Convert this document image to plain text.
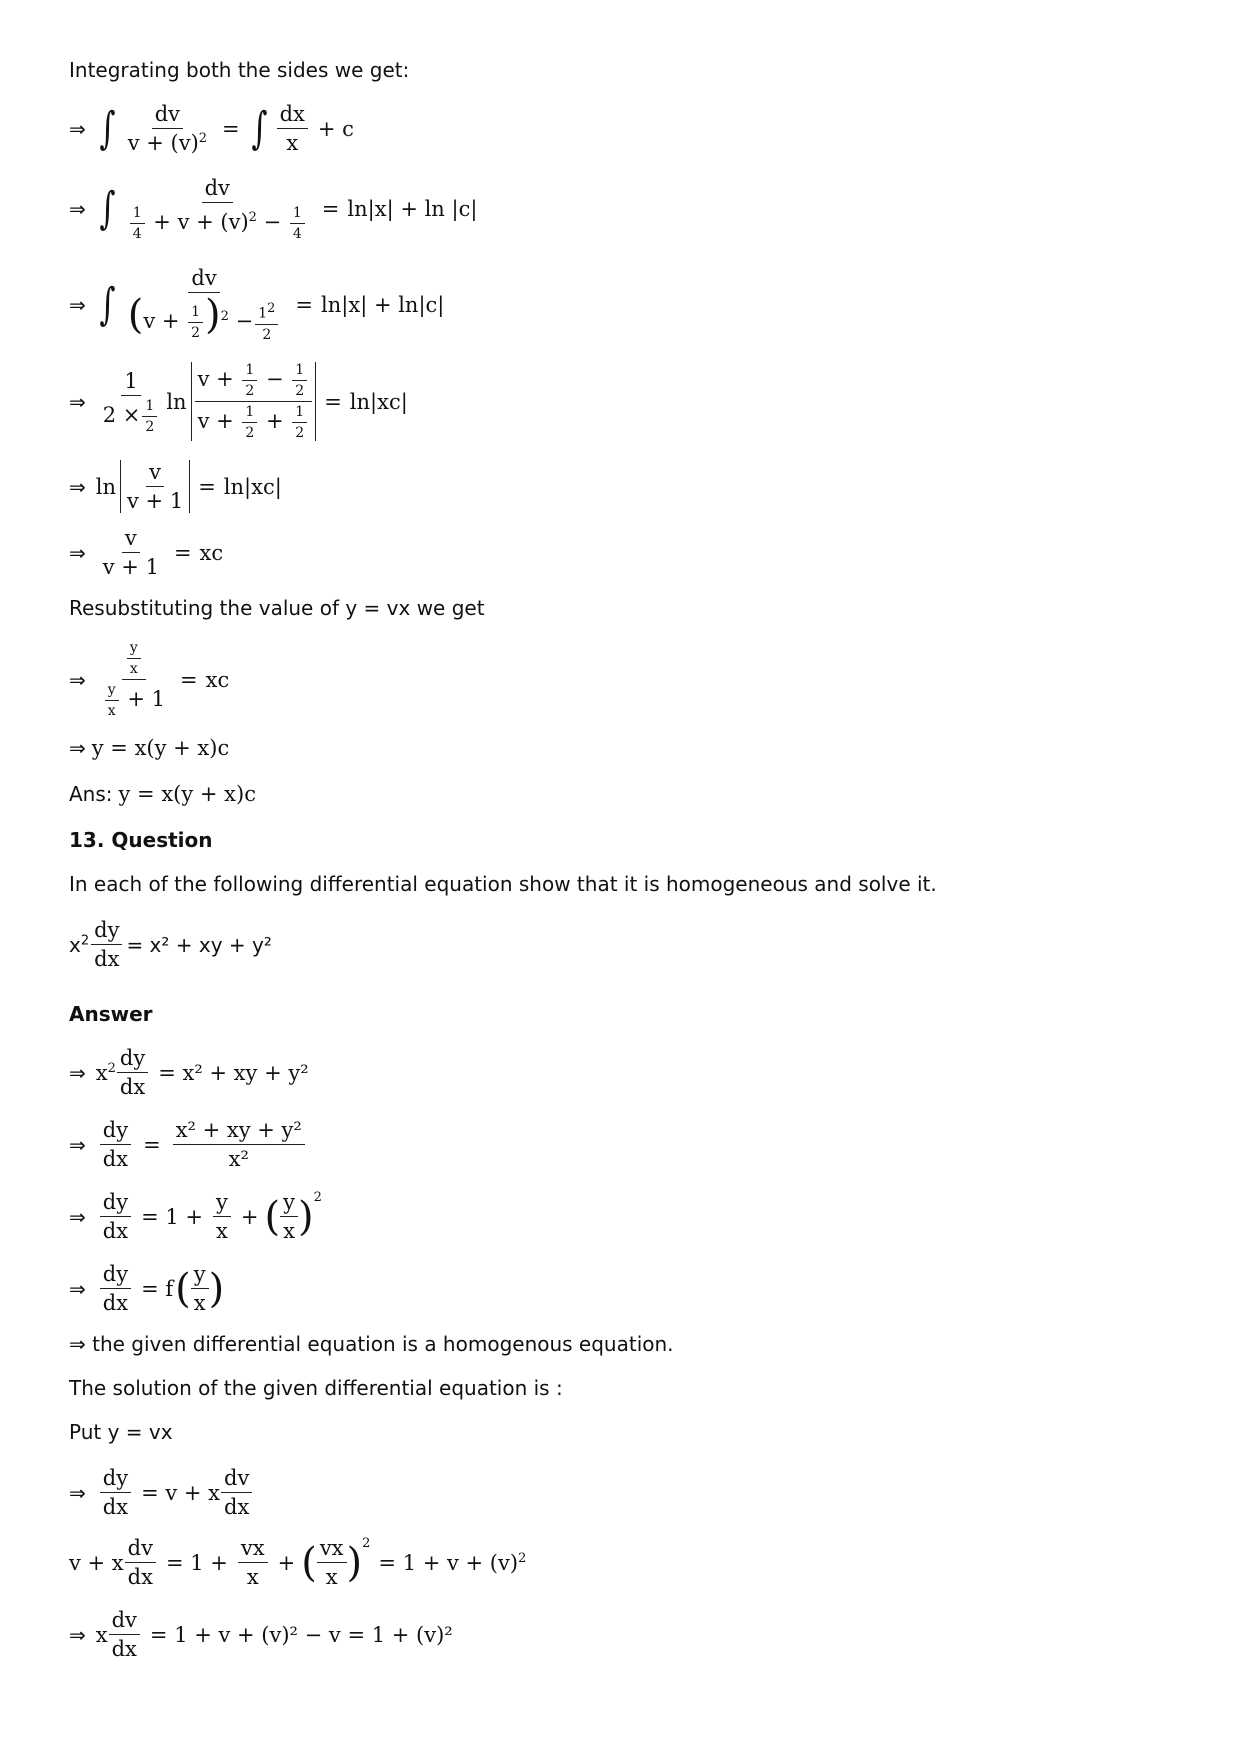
Integrating both the sides we get:
⇒ ∫ $\frac{dv}{v + (v)^2}$ = ∫ $\frac{dx}{x} + c$
⇒ ∫ $\frac{dv}{\frac{1}{4} + v + (v)^2 - \frac{1}{4}} = \ln|x| + \ln |c|$
⇒ ∫ $\frac{dv}{(v + \frac{1}{2} )^2 - \frac{1^2}{2}} = \ln|x| + \ln|c|$
⇒ $\frac{1}{2 \times \frac{1}{2}}$ $\ln \frac{v + \frac{1}{2} - \frac{1}{2}}{v + \frac{1}{2} + \frac{1}{2}} = \ln|xc|$
⇒ $\ln \frac{v}{v + 1} = \ln|xc|$
⇒ $\frac{v}{v + 1}$ = xc
Resubstituting the value of y = vx we get
⇒ $\frac{\frac{y}{x}}{\frac{y}{x} + 1}$ = xc
⇒ y = x(y + x)c
Ans: y = x(y + x)c
13. Question
In each of the following differential equation show that it is homogeneous and solve it.
$x^2 \frac{dy}{dx} = x^2$ + xy + y²
Answer
⇒ $x^2 \frac{dy}{dx} = x^2$ + xy + y²
⇒ $\frac{dy}{dx} = \frac{\text{x² + xy + y²}}{\text{x²}}$
⇒ $\frac{dy}{dx} = 1 + \frac{y}{x}$ + ( $\frac{y}{x} )^2$
⇒ $\frac{dy}{dx} = f$ ( $\frac{y}{x}$ )
⇒ the given differential equation is a homogenous equation.
The solution of the given differential equation is :
Put y = vx
⇒ $\frac{dy}{dx} = v + x \frac{dv}{dx}$
v + x $\frac{dv}{dx} = 1 + \frac{vx}{x}$ + ( $\frac{vx}{x} )^2$
= $1 + v + (v)^2$
⇒ x $\frac{dv}{dx} = 1 + v + (v)^2 - v = 1 + (v)^2$
